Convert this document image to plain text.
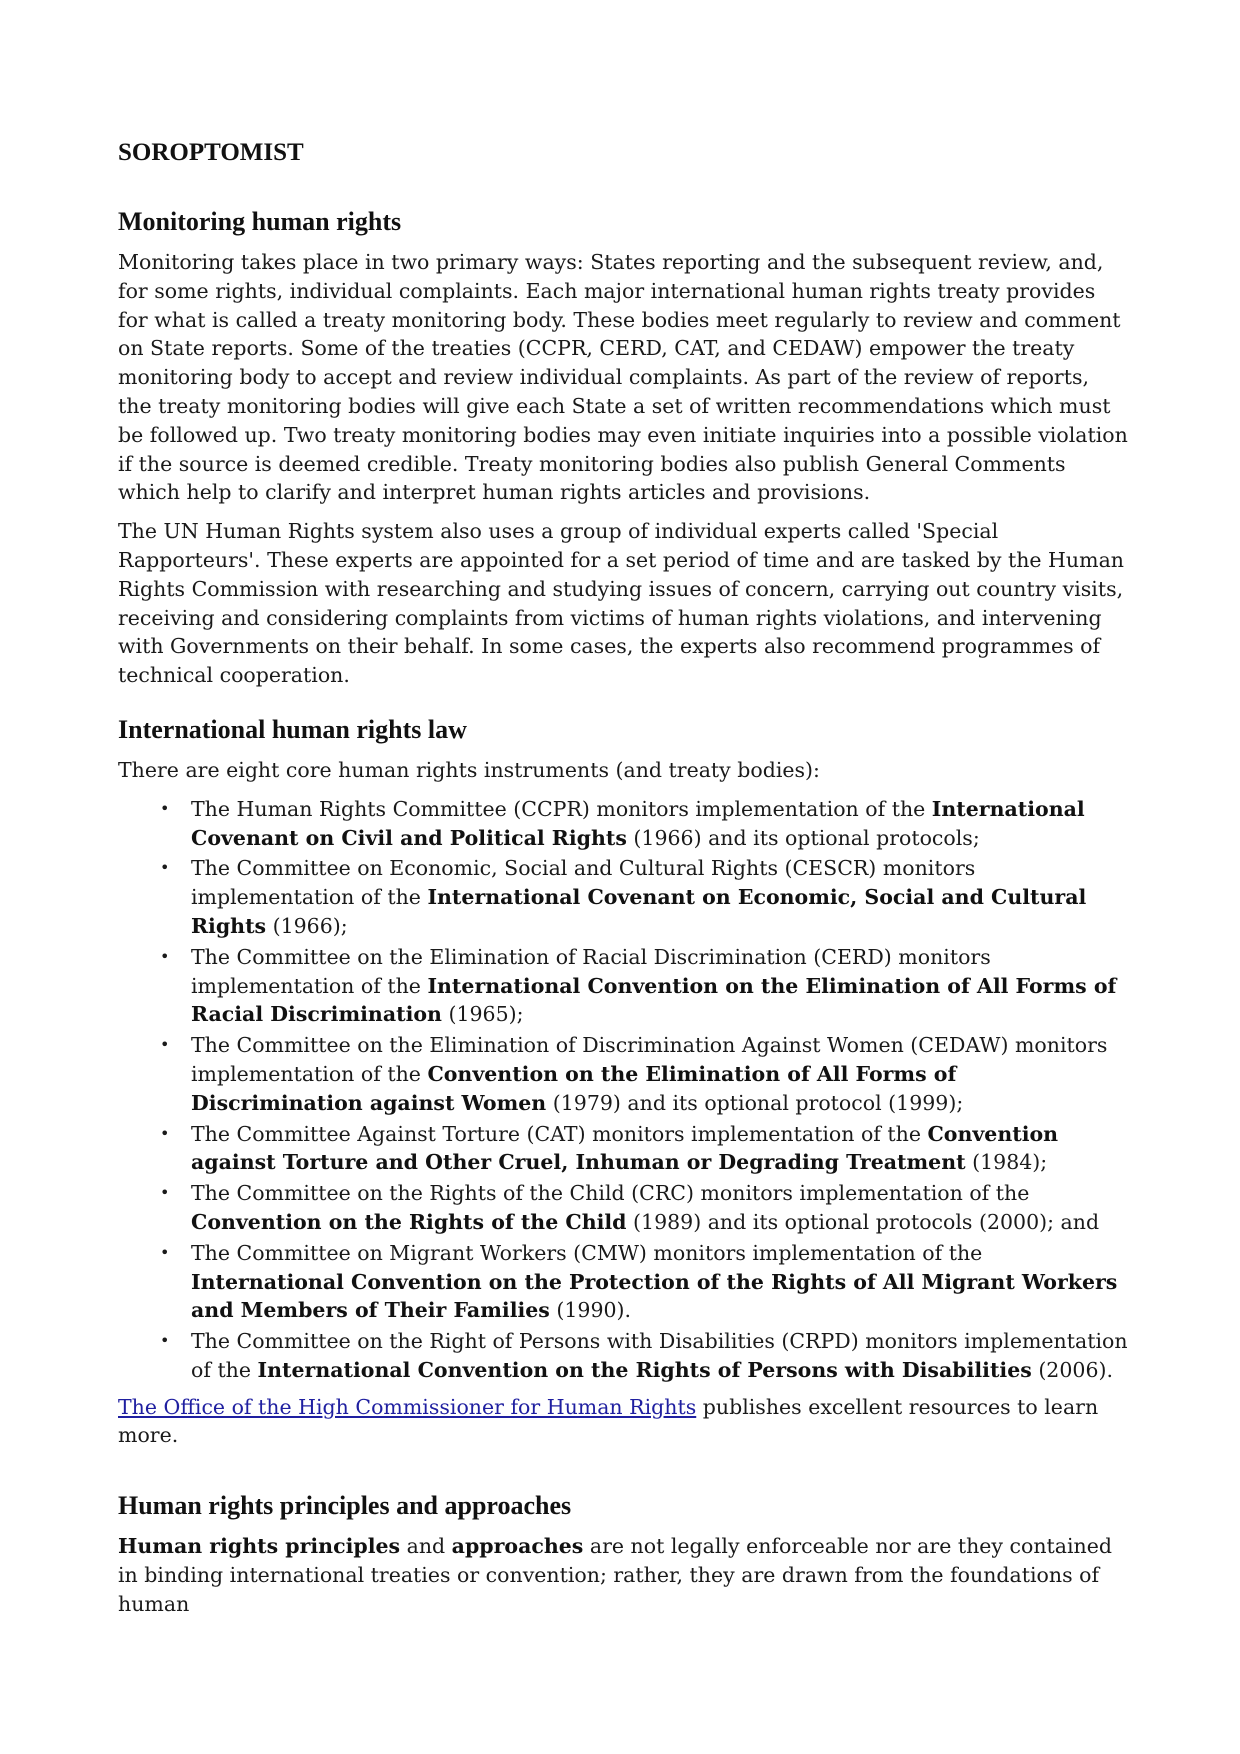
SOROPTOMIST
Monitoring human rights

Monitoring takes place in two primary ways: States reporting and the subsequent review, and, for some rights, individual complaints. Each major international human rights treaty provides for what is called a treaty monitoring body. These bodies meet regularly to review and comment on State reports. Some of the treaties (CCPR, CERD, CAT, and CEDAW) empower the treaty monitoring body to accept and review individual complaints. As part of the review of reports, the treaty monitoring bodies will give each State a set of written recommendations which must be followed up. Two treaty monitoring bodies may even initiate inquiries into a possible violation if the source is deemed credible. Treaty monitoring bodies also publish General Comments which help to clarify and interpret human rights articles and provisions.

The UN Human Rights system also uses a group of individual experts called 'Special Rapporteurs'. These experts are appointed for a set period of time and are tasked by the Human Rights Commission with researching and studying issues of concern, carrying out country visits, receiving and considering complaints from victims of human rights violations, and intervening with Governments on their behalf. In some cases, the experts also recommend programmes of technical cooperation.

International human rights law

There are eight core human rights instruments (and treaty bodies):

• The Human Rights Committee (CCPR) monitors implementation of the International Covenant on Civil and Political Rights (1966) and its optional protocols;
• The Committee on Economic, Social and Cultural Rights (CESCR) monitors implementation of the International Covenant on Economic, Social and Cultural Rights (1966);
• The Committee on the Elimination of Racial Discrimination (CERD) monitors implementation of the International Convention on the Elimination of All Forms of Racial Discrimination (1965);
• The Committee on the Elimination of Discrimination Against Women (CEDAW) monitors implementation of the Convention on the Elimination of All Forms of Discrimination against Women (1979) and its optional protocol (1999);
• The Committee Against Torture (CAT) monitors implementation of the Convention against Torture and Other Cruel, Inhuman or Degrading Treatment (1984);
• The Committee on the Rights of the Child (CRC) monitors implementation of the Convention on the Rights of the Child (1989) and its optional protocols (2000); and
• The Committee on Migrant Workers (CMW) monitors implementation of the International Convention on the Protection of the Rights of All Migrant Workers and Members of Their Families (1990).
• The Committee on the Right of Persons with Disabilities (CRPD) monitors implementation of the International Convention on the Rights of Persons with Disabilities (2006).

The Office of the High Commissioner for Human Rights publishes excellent resources to learn more.

Human rights principles and approaches

Human rights principles and approaches are not legally enforceable nor are they contained in binding international treaties or convention; rather, they are drawn from the foundations of human
